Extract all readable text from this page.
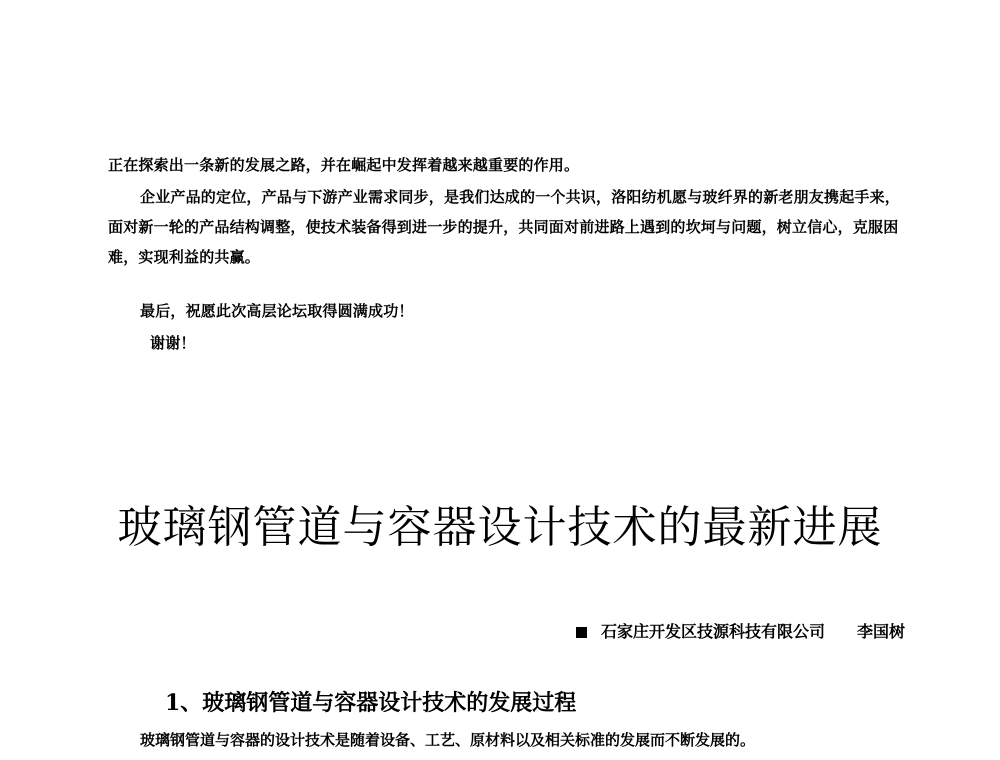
正在探索出一条新的发展之路，并在崛起中发挥着越来越重要的作用。

企业产品的定位，产品与下游产业需求同步，是我们达成的一个共识，洛阳纺机愿与玻纤界的新老朋友携起手来，面对新一轮的产品结构调整，使技术装备得到进一步的提升，共同面对前进路上遇到的坎坷与问题，树立信心，克服困难，实现利益的共赢。

最后，祝愿此次高层论坛取得圆满成功！

谢谢！

玻璃钢管道与容器设计技术的最新进展
石家庄开发区技源科技有限公司 李国树
1、玻璃钢管道与容器设计技术的发展过程

玻璃钢管道与容器的设计技术是随着设备、工艺、原材料以及相关标准的发展而不断发展的。
